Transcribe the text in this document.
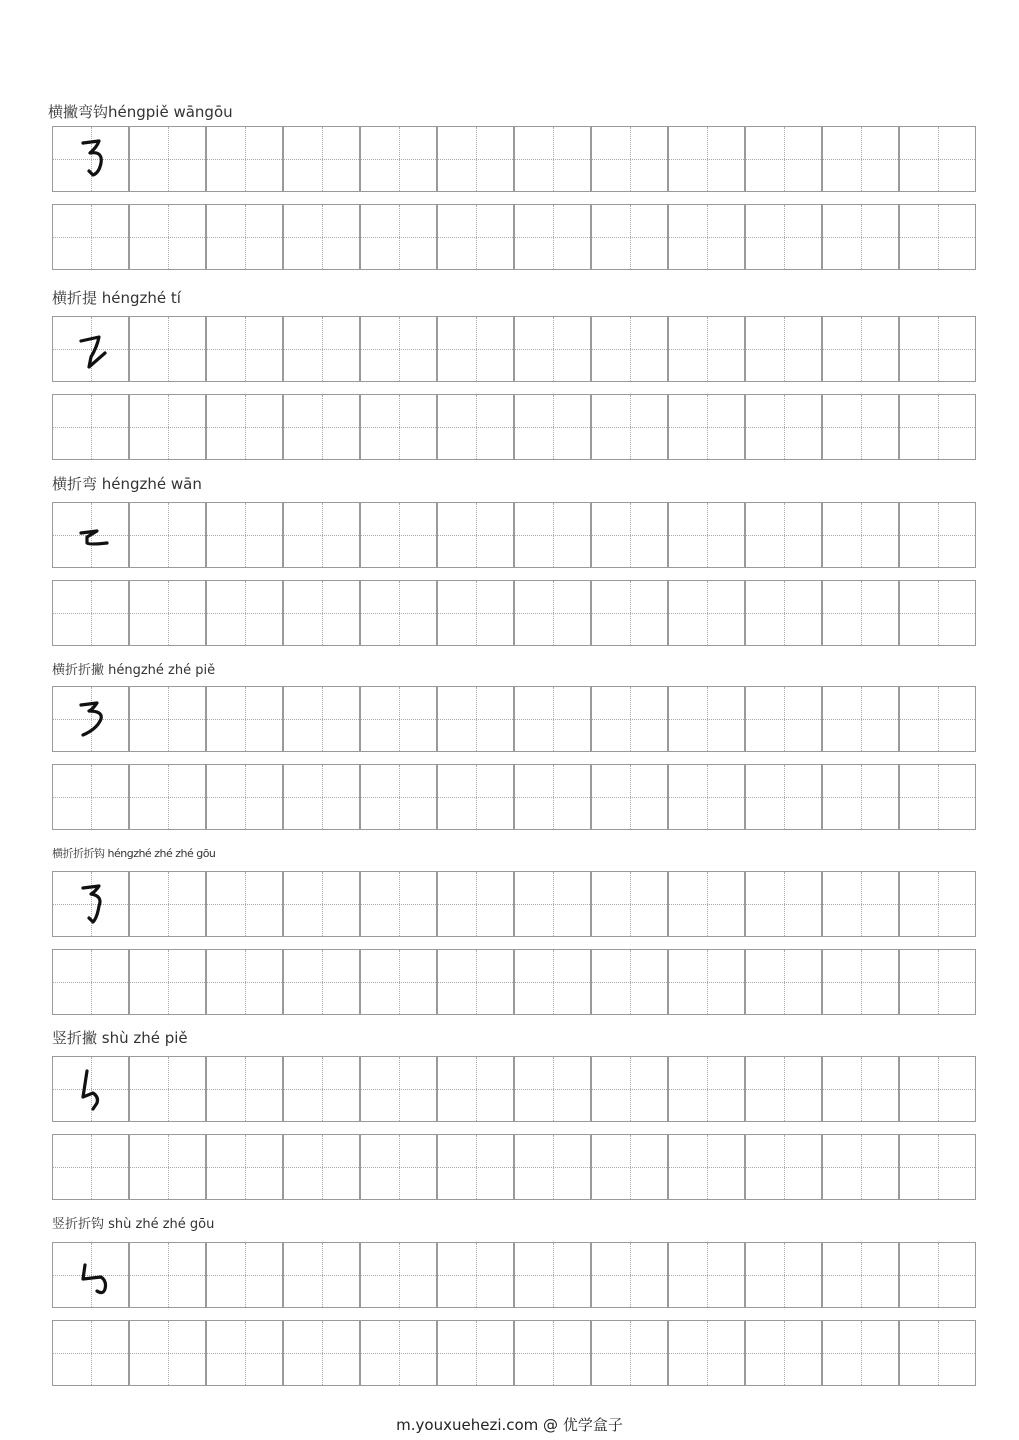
横撇弯钩héngpiě wāngōu
横折提 héngzhé tí
横折弯 héngzhé wān
横折折撇 héngzhé zhé piě
横折折折钩 héngzhé zhé zhé gōu
竖折撇 shù zhé piě
竖折折钩 shù zhé zhé gōu
m.youxuehezi.com @ 优学盒子
